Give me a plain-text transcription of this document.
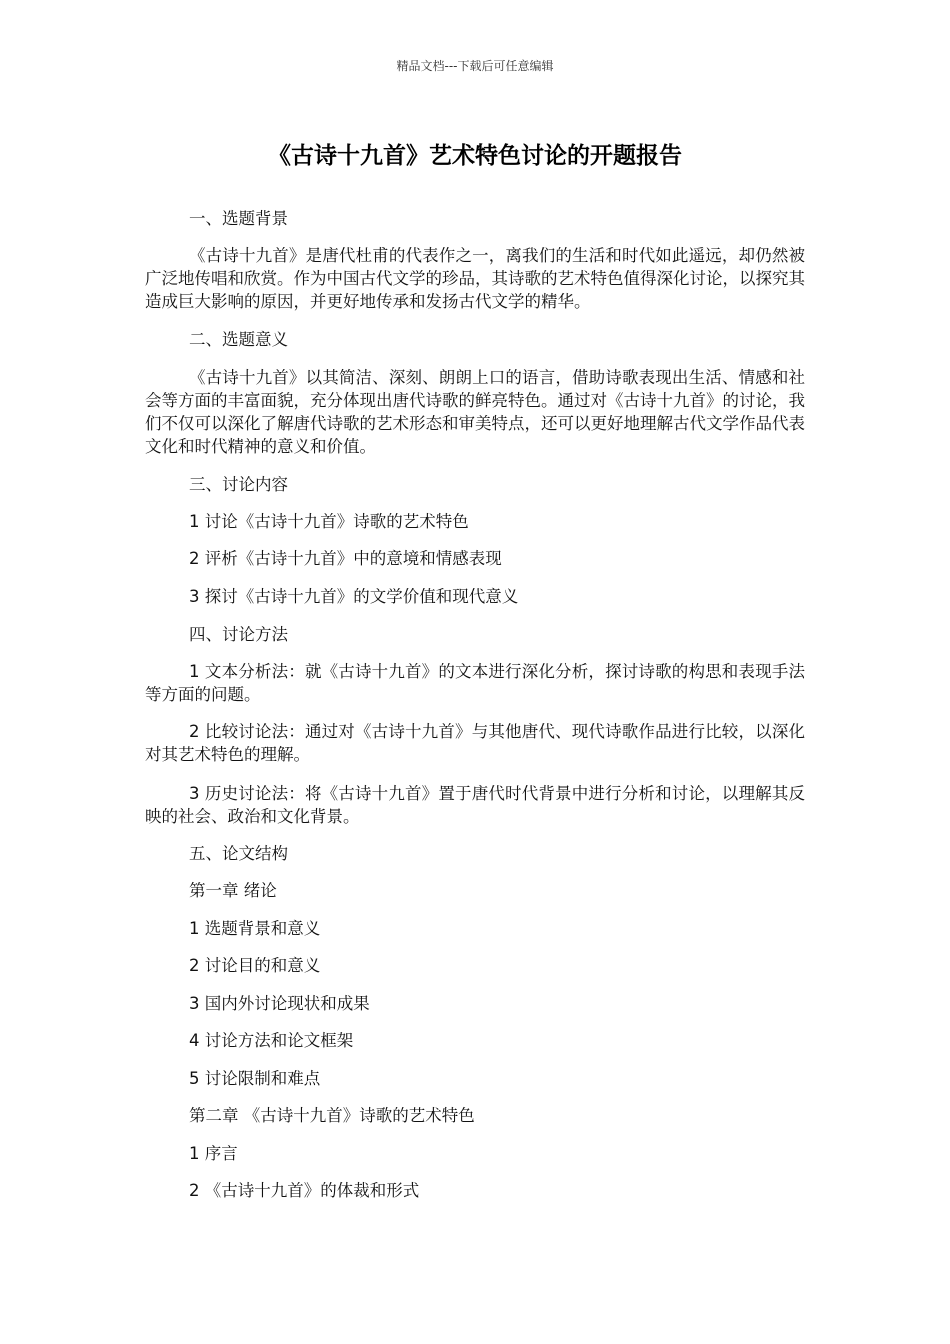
精品文档---下载后可任意编辑
《古诗十九首》艺术特色讨论的开题报告
一、选题背景
《古诗十九首》是唐代杜甫的代表作之一，离我们的生活和时代如此遥远，却仍然被广泛地传唱和欣赏。作为中国古代文学的珍品，其诗歌的艺术特色值得深化讨论，以探究其造成巨大影响的原因，并更好地传承和发扬古代文学的精华。
二、选题意义
《古诗十九首》以其简洁、深刻、朗朗上口的语言，借助诗歌表现出生活、情感和社会等方面的丰富面貌，充分体现出唐代诗歌的鲜亮特色。通过对《古诗十九首》的讨论，我们不仅可以深化了解唐代诗歌的艺术形态和审美特点，还可以更好地理解古代文学作品代表文化和时代精神的意义和价值。
三、讨论内容
1 讨论《古诗十九首》诗歌的艺术特色
2 评析《古诗十九首》中的意境和情感表现
3 探讨《古诗十九首》的文学价值和现代意义
四、讨论方法
1 文本分析法：就《古诗十九首》的文本进行深化分析，探讨诗歌的构思和表现手法等方面的问题。
2 比较讨论法：通过对《古诗十九首》与其他唐代、现代诗歌作品进行比较，以深化对其艺术特色的理解。
3 历史讨论法：将《古诗十九首》置于唐代时代背景中进行分析和讨论，以理解其反映的社会、政治和文化背景。
五、论文结构
第一章 绪论
1 选题背景和意义
2 讨论目的和意义
3 国内外讨论现状和成果
4 讨论方法和论文框架
5 讨论限制和难点
第二章 《古诗十九首》诗歌的艺术特色
1 序言
2 《古诗十九首》的体裁和形式
